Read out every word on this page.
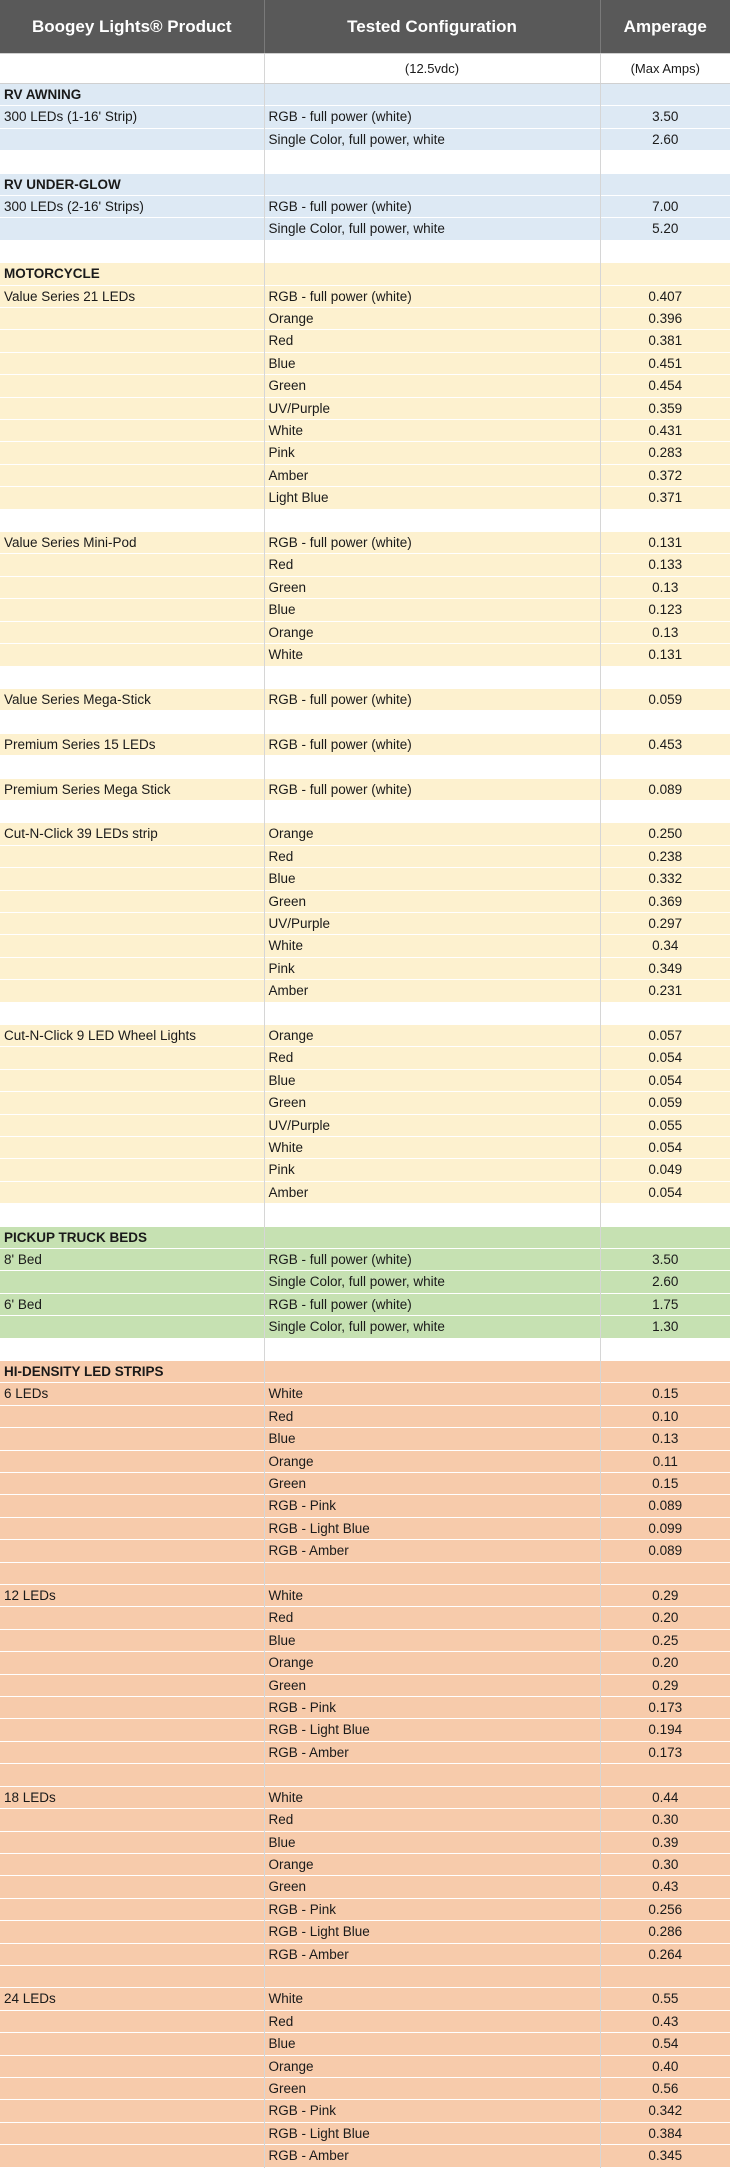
Boogey Lights® Product	Tested Configuration	Amperage
	(12.5vdc)	(Max Amps)
RV AWNING		
300 LEDs (1-16' Strip)	RGB - full power (white)	3.50
	Single Color, full power, white	2.60

RV UNDER-GLOW		
300 LEDs (2-16' Strips)	RGB - full power (white)	7.00
	Single Color, full power, white	5.20

MOTORCYCLE		
Value Series 21 LEDs	RGB - full power (white)	0.407
	Orange	0.396
	Red	0.381
	Blue	0.451
	Green	0.454
	UV/Purple	0.359
	White	0.431
	Pink	0.283
	Amber	0.372
	Light Blue	0.371

Value Series Mini-Pod	RGB - full power (white)	0.131
	Red	0.133
	Green	0.13
	Blue	0.123
	Orange	0.13
	White	0.131

Value Series Mega-Stick	RGB - full power (white)	0.059

Premium Series 15 LEDs	RGB - full power (white)	0.453

Premium Series Mega Stick	RGB - full power (white)	0.089

Cut-N-Click 39 LEDs strip	Orange	0.250
	Red	0.238
	Blue	0.332
	Green	0.369
	UV/Purple	0.297
	White	0.34
	Pink	0.349
	Amber	0.231

Cut-N-Click 9 LED Wheel Lights	Orange	0.057
	Red	0.054
	Blue	0.054
	Green	0.059
	UV/Purple	0.055
	White	0.054
	Pink	0.049
	Amber	0.054

PICKUP TRUCK BEDS		
8' Bed	RGB - full power (white)	3.50
	Single Color, full power, white	2.60
6' Bed	RGB - full power (white)	1.75
	Single Color, full power, white	1.30

HI-DENSITY LED STRIPS		
6 LEDs	White	0.15
	Red	0.10
	Blue	0.13
	Orange	0.11
	Green	0.15
	RGB - Pink	0.089
	RGB - Light Blue	0.099
	RGB - Amber	0.089

12 LEDs	White	0.29
	Red	0.20
	Blue	0.25
	Orange	0.20
	Green	0.29
	RGB - Pink	0.173
	RGB - Light Blue	0.194
	RGB - Amber	0.173

18 LEDs	White	0.44
	Red	0.30
	Blue	0.39
	Orange	0.30
	Green	0.43
	RGB - Pink	0.256
	RGB - Light Blue	0.286
	RGB - Amber	0.264

24 LEDs	White	0.55
	Red	0.43
	Blue	0.54
	Orange	0.40
	Green	0.56
	RGB - Pink	0.342
	RGB - Light Blue	0.384
	RGB - Amber	0.345
